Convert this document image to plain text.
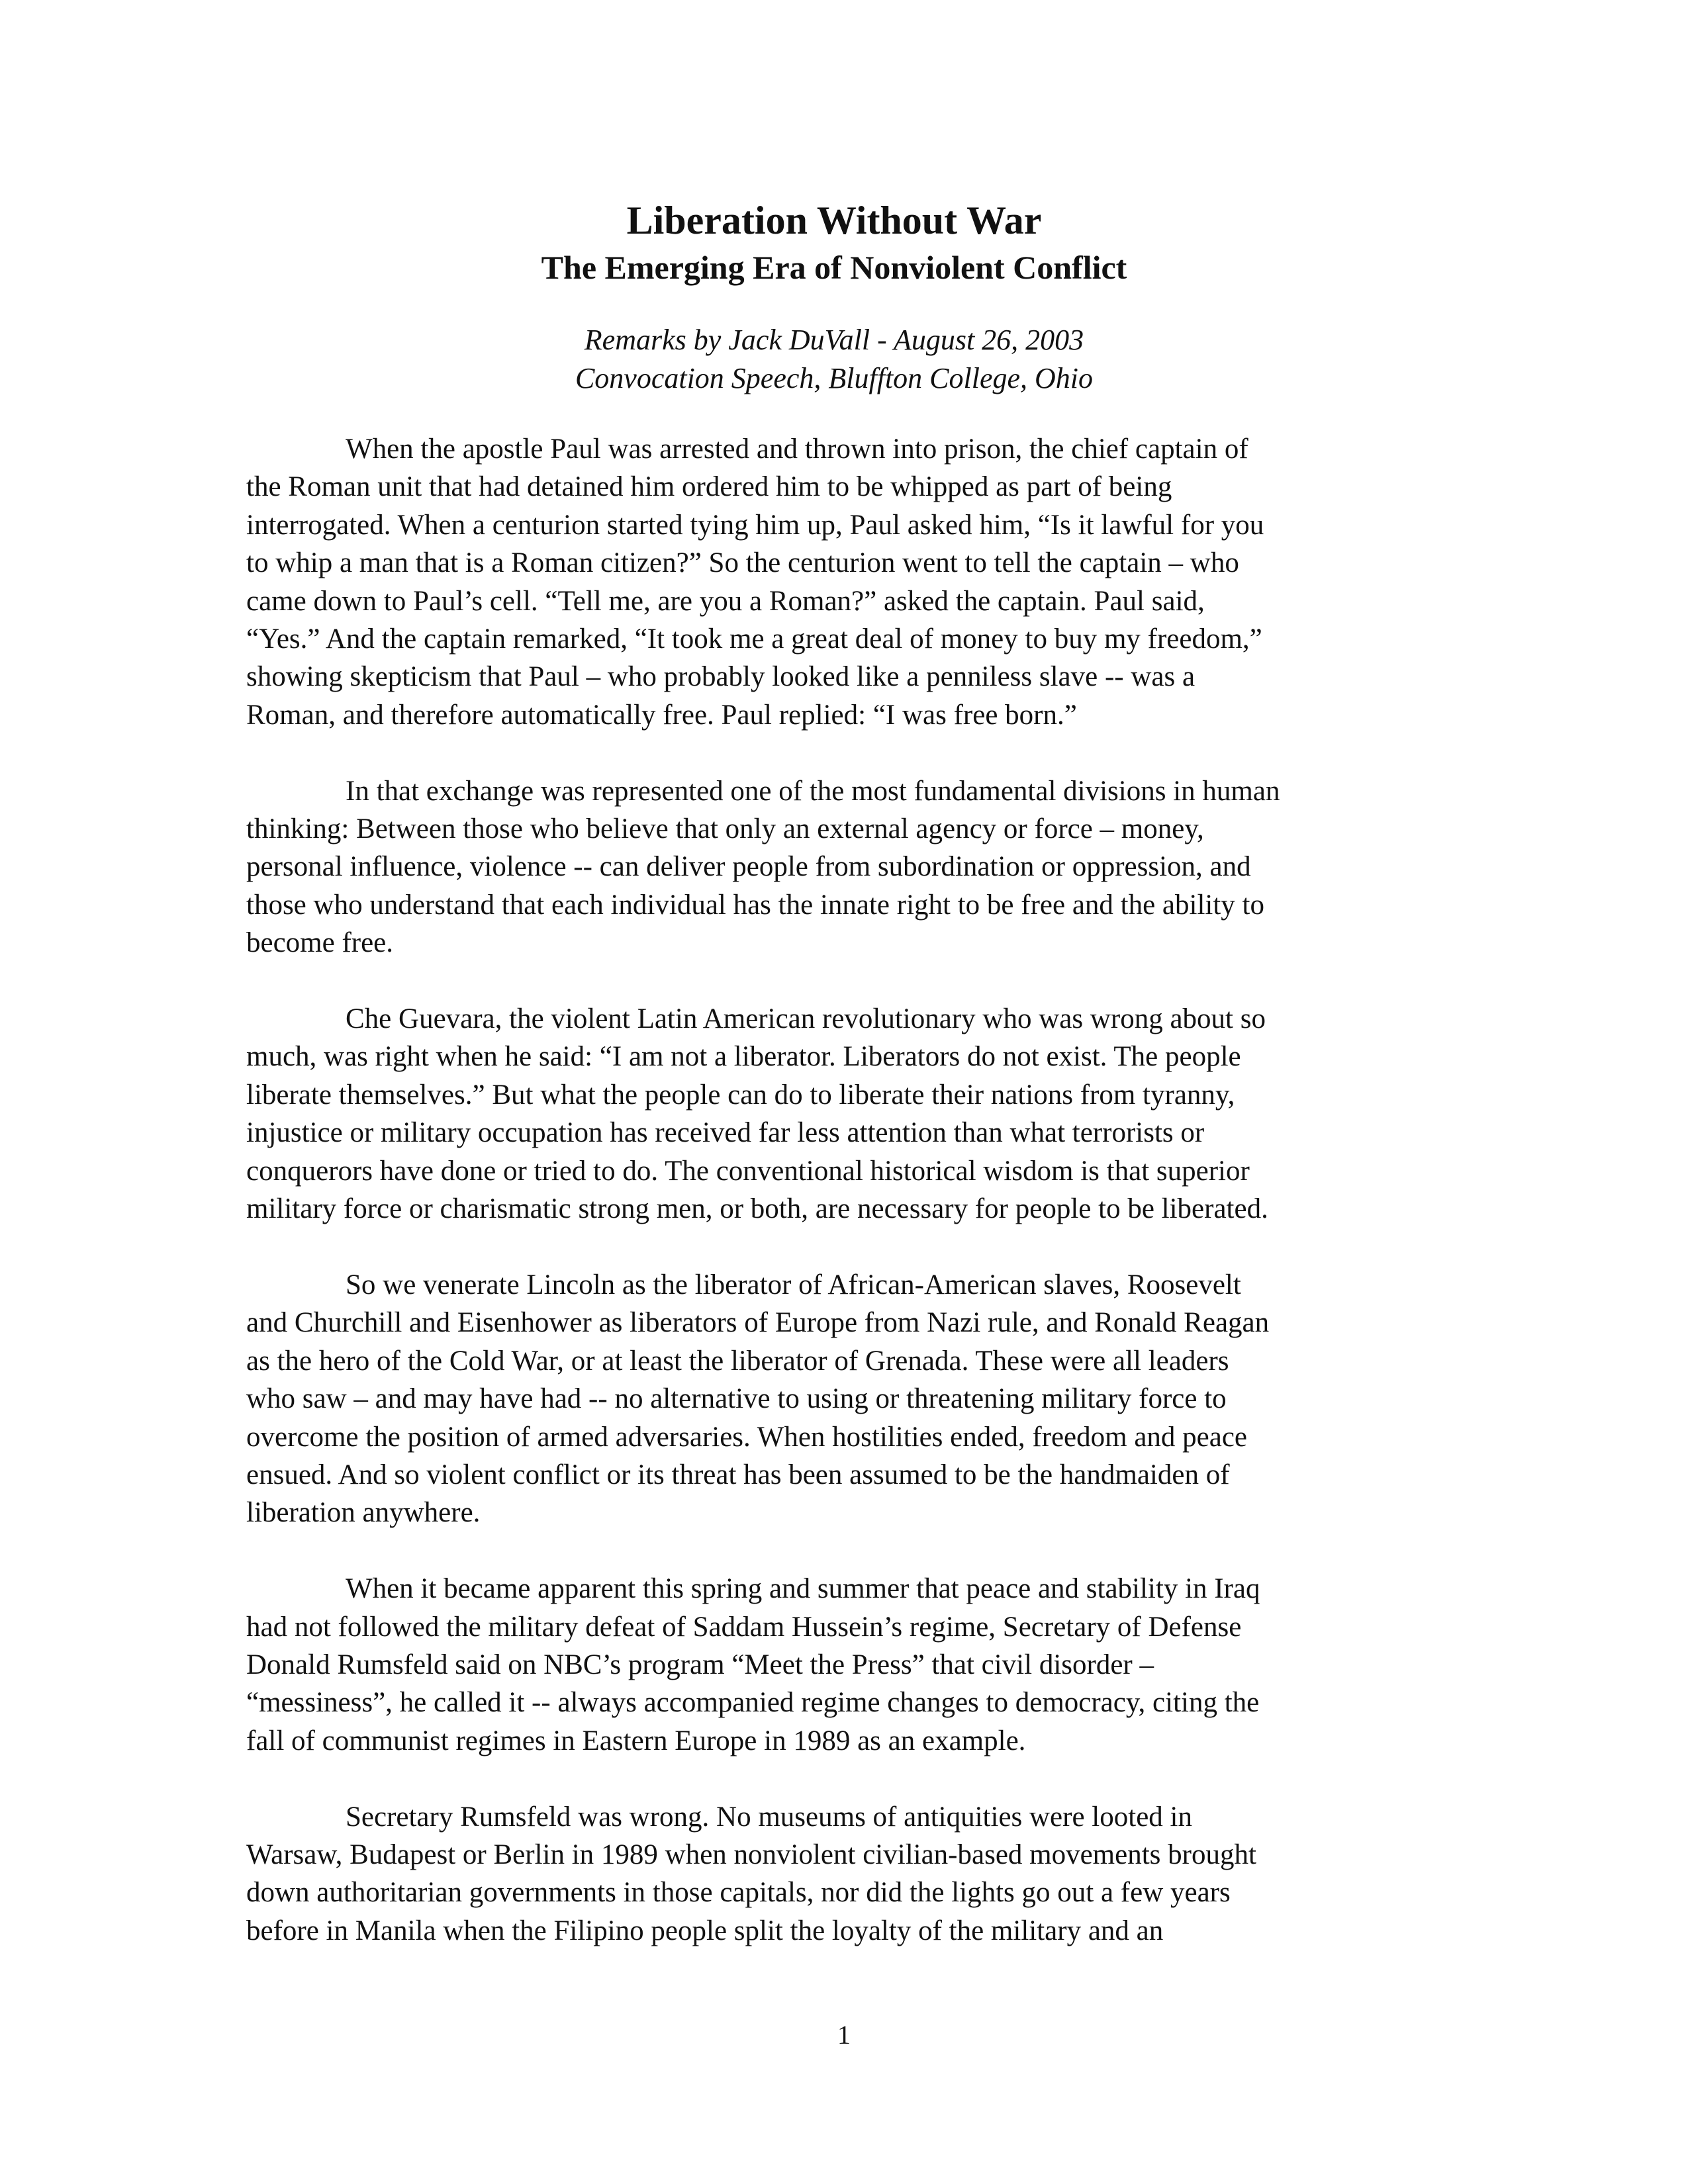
Liberation Without War

The Emerging Era of Nonviolent Conflict

Remarks by Jack DuVall - August 26, 2003

Convocation Speech, Bluffton College, Ohio

When the apostle Paul was arrested and thrown into prison, the chief captain of
the Roman unit that had detained him ordered him to be whipped as part of being
interrogated. When a centurion started tying him up, Paul asked him, “Is it lawful for you
to whip a man that is a Roman citizen?” So the centurion went to tell the captain – who
came down to Paul’s cell. “Tell me, are you a Roman?” asked the captain. Paul said,
“Yes.” And the captain remarked, “It took me a great deal of money to buy my freedom,”
showing skepticism that Paul – who probably looked like a penniless slave -- was a
Roman, and therefore automatically free. Paul replied: “I was free born.”

In that exchange was represented one of the most fundamental divisions in human
thinking: Between those who believe that only an external agency or force – money,
personal influence, violence -- can deliver people from subordination or oppression, and
those who understand that each individual has the innate right to be free and the ability to
become free.

Che Guevara, the violent Latin American revolutionary who was wrong about so
much, was right when he said: “I am not a liberator. Liberators do not exist. The people
liberate themselves.” But what the people can do to liberate their nations from tyranny,
injustice or military occupation has received far less attention than what terrorists or
conquerors have done or tried to do. The conventional historical wisdom is that superior
military force or charismatic strong men, or both, are necessary for people to be liberated.

So we venerate Lincoln as the liberator of African-American slaves, Roosevelt
and Churchill and Eisenhower as liberators of Europe from Nazi rule, and Ronald Reagan
as the hero of the Cold War, or at least the liberator of Grenada. These were all leaders
who saw – and may have had -- no alternative to using or threatening military force to
overcome the position of armed adversaries. When hostilities ended, freedom and peace
ensued. And so violent conflict or its threat has been assumed to be the handmaiden of
liberation anywhere.

When it became apparent this spring and summer that peace and stability in Iraq
had not followed the military defeat of Saddam Hussein’s regime, Secretary of Defense
Donald Rumsfeld said on NBC’s program “Meet the Press” that civil disorder –
“messiness”, he called it -- always accompanied regime changes to democracy, citing the
fall of communist regimes in Eastern Europe in 1989 as an example.

Secretary Rumsfeld was wrong. No museums of antiquities were looted in
Warsaw, Budapest or Berlin in 1989 when nonviolent civilian-based movements brought
down authoritarian governments in those capitals, nor did the lights go out a few years
before in Manila when the Filipino people split the loyalty of the military and an

1
